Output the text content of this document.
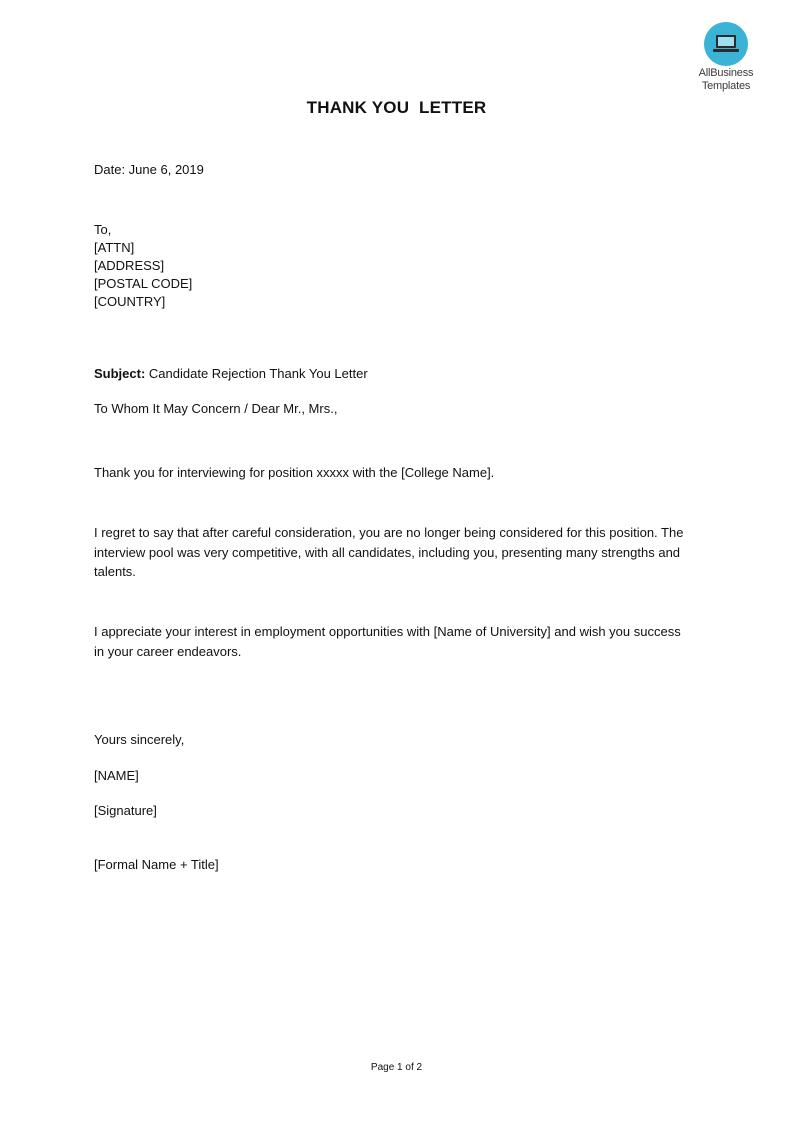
AllBusiness
Templates
THANK YOU  LETTER
Date: June 6, 2019
To,
[ATTN]
[ADDRESS]
[POSTAL CODE]
[COUNTRY]
Subject: Candidate Rejection Thank You Letter
To Whom It May Concern / Dear Mr., Mrs.,
Thank you for interviewing for position xxxxx with the [College Name].
I regret to say that after careful consideration, you are no longer being considered for this position. The interview pool was very competitive, with all candidates, including you, presenting many strengths and talents.
I appreciate your interest in employment opportunities with [Name of University] and wish you success in your career endeavors.
Yours sincerely,
[NAME]
[Signature]
[Formal Name + Title]
Page 1 of 2
